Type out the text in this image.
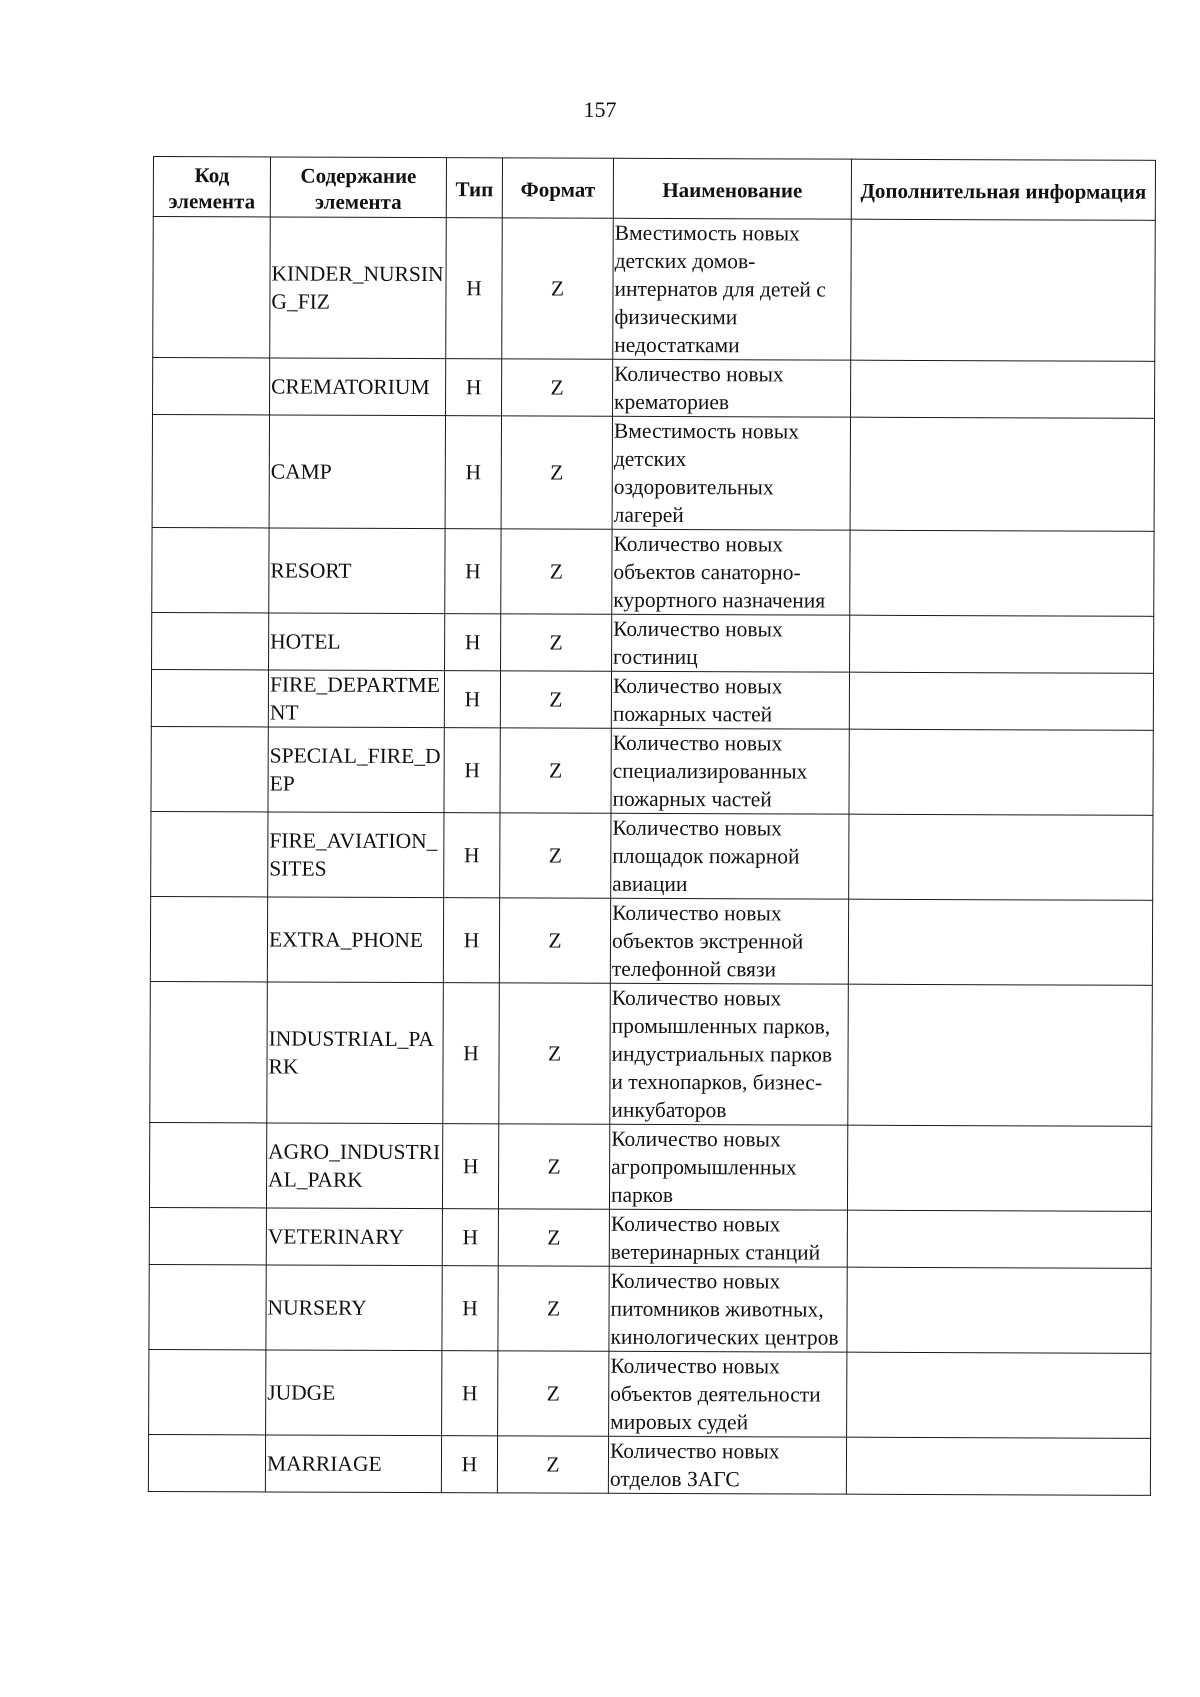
157
Код элемента	Содержание элемента	Тип	Формат	Наименование	Дополнительная информация
	KINDER_NURSING_FIZ	H	Z	Вместимость новых детских домов-интернатов для детей с физическими недостатками	
	CREMATORIUM	H	Z	Количество новых крематориев	
	CAMP	H	Z	Вместимость новых детских оздоровительных лагерей	
	RESORT	H	Z	Количество новых объектов санаторно-курортного назначения	
	HOTEL	H	Z	Количество новых гостиниц	
	FIRE_DEPARTMENT	H	Z	Количество новых пожарных частей	
	SPECIAL_FIRE_DEP	H	Z	Количество новых специализированных пожарных частей	
	FIRE_AVIATION_SITES	H	Z	Количество новых площадок пожарной авиации	
	EXTRA_PHONE	H	Z	Количество новых объектов экстренной телефонной связи	
	INDUSTRIAL_PARK	H	Z	Количество новых промышленных парков, индустриальных парков и технопарков, бизнес-инкубаторов	
	AGRO_INDUSTRIAL_PARK	H	Z	Количество новых агропромышленных парков	
	VETERINARY	H	Z	Количество новых ветеринарных станций	
	NURSERY	H	Z	Количество новых питомников животных, кинологических центров	
	JUDGE	H	Z	Количество новых объектов деятельности мировых судей	
	MARRIAGE	H	Z	Количество новых отделов ЗАГС	
